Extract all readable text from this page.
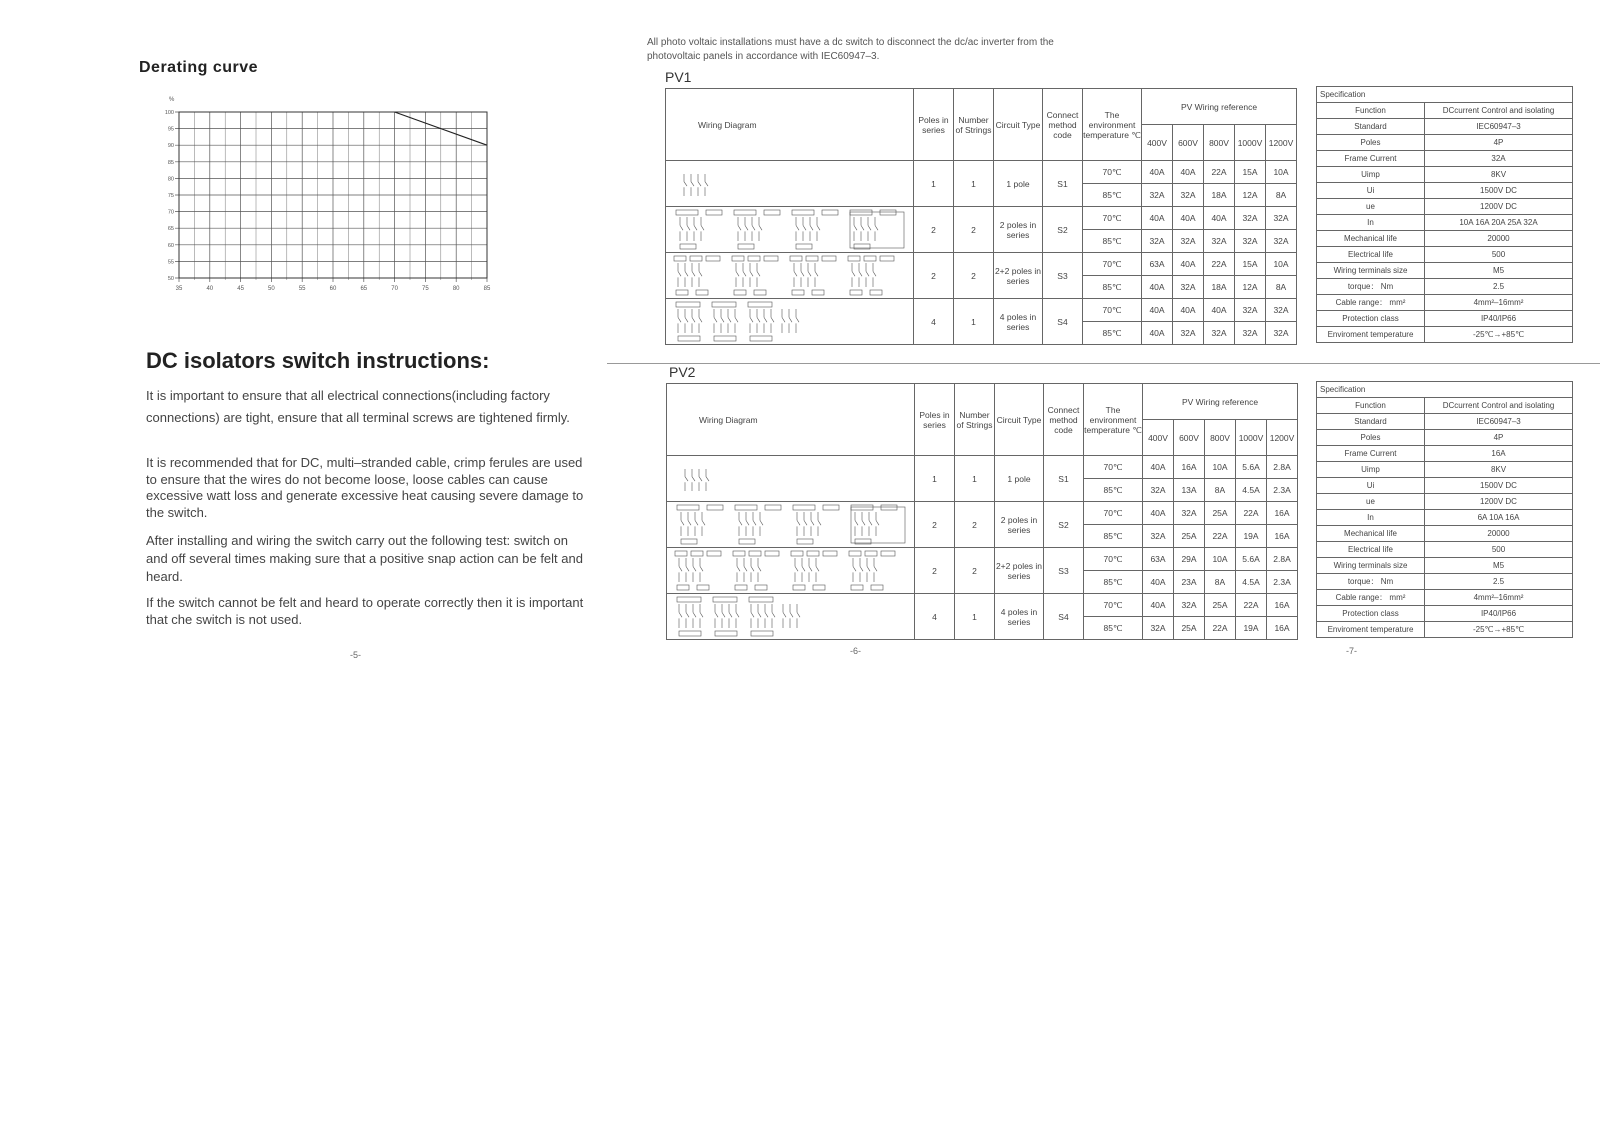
Derating curve
%
35	40	45	50	55	60	65	70	75	80	85
50
55
60
65
70
75
80
85
90
95
100
DC isolators switch instructions:
It is important to ensure that all electrical connections(including factory connections) are tight, ensure that all terminal screws are tightened firmly.
It is recommended that for DC, multi–stranded cable, crimp ferules are used to ensure that the wires do not become loose, loose cables can cause excessive watt loss and generate excessive heat causing severe damage to the switch.
After installing and wiring the switch carry out the following test: switch on and off several times making sure that a positive snap action can be felt and heard.
If the switch cannot be felt and heard to operate correctly then it is important that che switch is not used.
-5-
All photo voltaic installations must have a dc switch to disconnect the dc/ac inverter from the photovoltaic panels in accordance with IEC60947–3.
PV1
Wiring Diagram	Poles in series	Number of Strings	Circuit Type	Connect method code	The environment temperature ℃	PV Wiring reference				
						400V	600V	800V	1000V	1200V

	1	1	1 pole	S1	70℃	40A	40A	22A	15A	10A
					85℃	32A	32A	18A	12A	8A

	2	2	2 poles in series	S2	70℃	40A	40A	40A	32A	32A
					85℃	32A	32A	32A	32A	32A

	2	2	2+2 poles in series	S3	70℃	63A	40A	22A	15A	10A
					85℃	40A	32A	18A	12A	8A

	4	1	4 poles in series	S4	70℃	40A	40A	40A	32A	32A
					85℃	40A	32A	32A	32A	32A
PV2
Wiring Diagram	Poles in series	Number of Strings	Circuit Type	Connect method code	The environment temperature ℃	PV Wiring reference				
						400V	600V	800V	1000V	1200V

	1	1	1 pole	S1	70℃	40A	16A	10A	5.6A	2.8A
					85℃	32A	13A	8A	4.5A	2.3A

	2	2	2 poles in series	S2	70℃	40A	32A	25A	22A	16A
					85℃	32A	25A	22A	19A	16A

	2	2	2+2 poles in series	S3	70℃	63A	29A	10A	5.6A	2.8A
					85℃	40A	23A	8A	4.5A	2.3A

	4	1	4 poles in series	S4	70℃	40A	32A	25A	22A	16A
					85℃	32A	25A	22A	19A	16A
-6-
Specification	
Function	DCcurrent Control and isolating
Standard	IEC60947–3
Poles	4P
Frame Current	32A
Uimp	8KV
Ui	1500V DC
ue	1200V DC
In	10A 16A 20A 25A 32A
Mechanical life	20000
Electrical life	500
Wiring terminals size	M5
torque： Nm	2.5
Cable range： mm²	4mm²–16mm²
Protection class	IP40/IP66
Enviroment temperature	-25℃→+85℃
Specification	
Function	DCcurrent Control and isolating
Standard	IEC60947–3
Poles	4P
Frame Current	16A
Uimp	8KV
Ui	1500V DC
ue	1200V DC
In	6A 10A 16A
Mechanical life	20000
Electrical life	500
Wiring terminals size	M5
torque： Nm	2.5
Cable range： mm²	4mm²–16mm²
Protection class	IP40/IP66
Enviroment temperature	-25℃→+85℃
-7-
